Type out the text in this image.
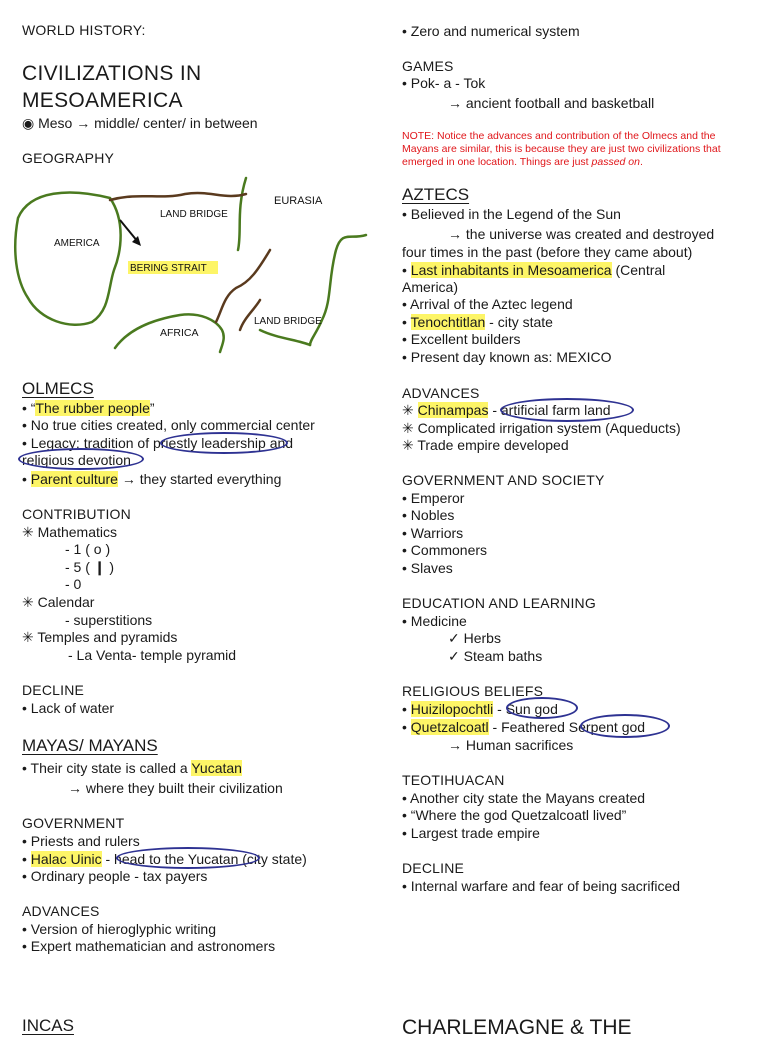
WORLD HISTORY:
CIVILIZATIONS IN
MESOAMERICA
◉ Meso → middle/ center/ in between
GEOGRAPHY
EURASIA
LAND BRIDGE
AMERICA
BERING STRAIT
AFRICA
LAND BRIDGE
OLMECS
• “The rubber people”
• No true cities created, only commercial center
• Legacy: tradition of priestly leadership and
religious devotion
• Parent culture → they started everything
CONTRIBUTION
✳ Mathematics
- 1 ( o )
- 5 ( ❙ )
- 0
✳ Calendar
- superstitions
✳ Temples and pyramids
- La Venta- temple pyramid
DECLINE
• Lack of water
MAYAS/ MAYANS
• Their city state is called a Yucatan
→ where they built their civilization
GOVERNMENT
• Priests and rulers
• Halac Uinic - head to the Yucatan (city state)
• Ordinary people - tax payers
ADVANCES
• Version of hieroglyphic writing
• Expert mathematician and astronomers
INCAS
• Zero and numerical system
GAMES
• Pok- a - Tok
→ ancient football and basketball
NOTE: Notice the advances and contribution of the Olmecs and the Mayans are similar, this is because they are just two civilizations that emerged in one location. Things are just passed on.
AZTECS
• Believed in the Legend of the Sun
→ the universe was created and destroyed
four times in the past (before they came about)
• Last inhabitants in Mesoamerica (Central
America)
• Arrival of the Aztec legend
• Tenochtitlan - city state
• Excellent builders
• Present day known as: MEXICO
ADVANCES
✳ Chinampas - artificial farm land
✳ Complicated irrigation system (Aqueducts)
✳ Trade empire developed
GOVERNMENT AND SOCIETY
• Emperor
• Nobles
• Warriors
• Commoners
• Slaves
EDUCATION AND LEARNING
• Medicine
✓ Herbs
✓ Steam baths
RELIGIOUS BELIEFS
• Huizilopochtli - Sun god
• Quetzalcoatl - Feathered Serpent god
→ Human sacrifices
TEOTIHUACAN
• Another city state the Mayans created
• “Where the god Quetzalcoatl lived”
• Largest trade empire
DECLINE
• Internal warfare and fear of being sacrificed
CHARLEMAGNE & THE
